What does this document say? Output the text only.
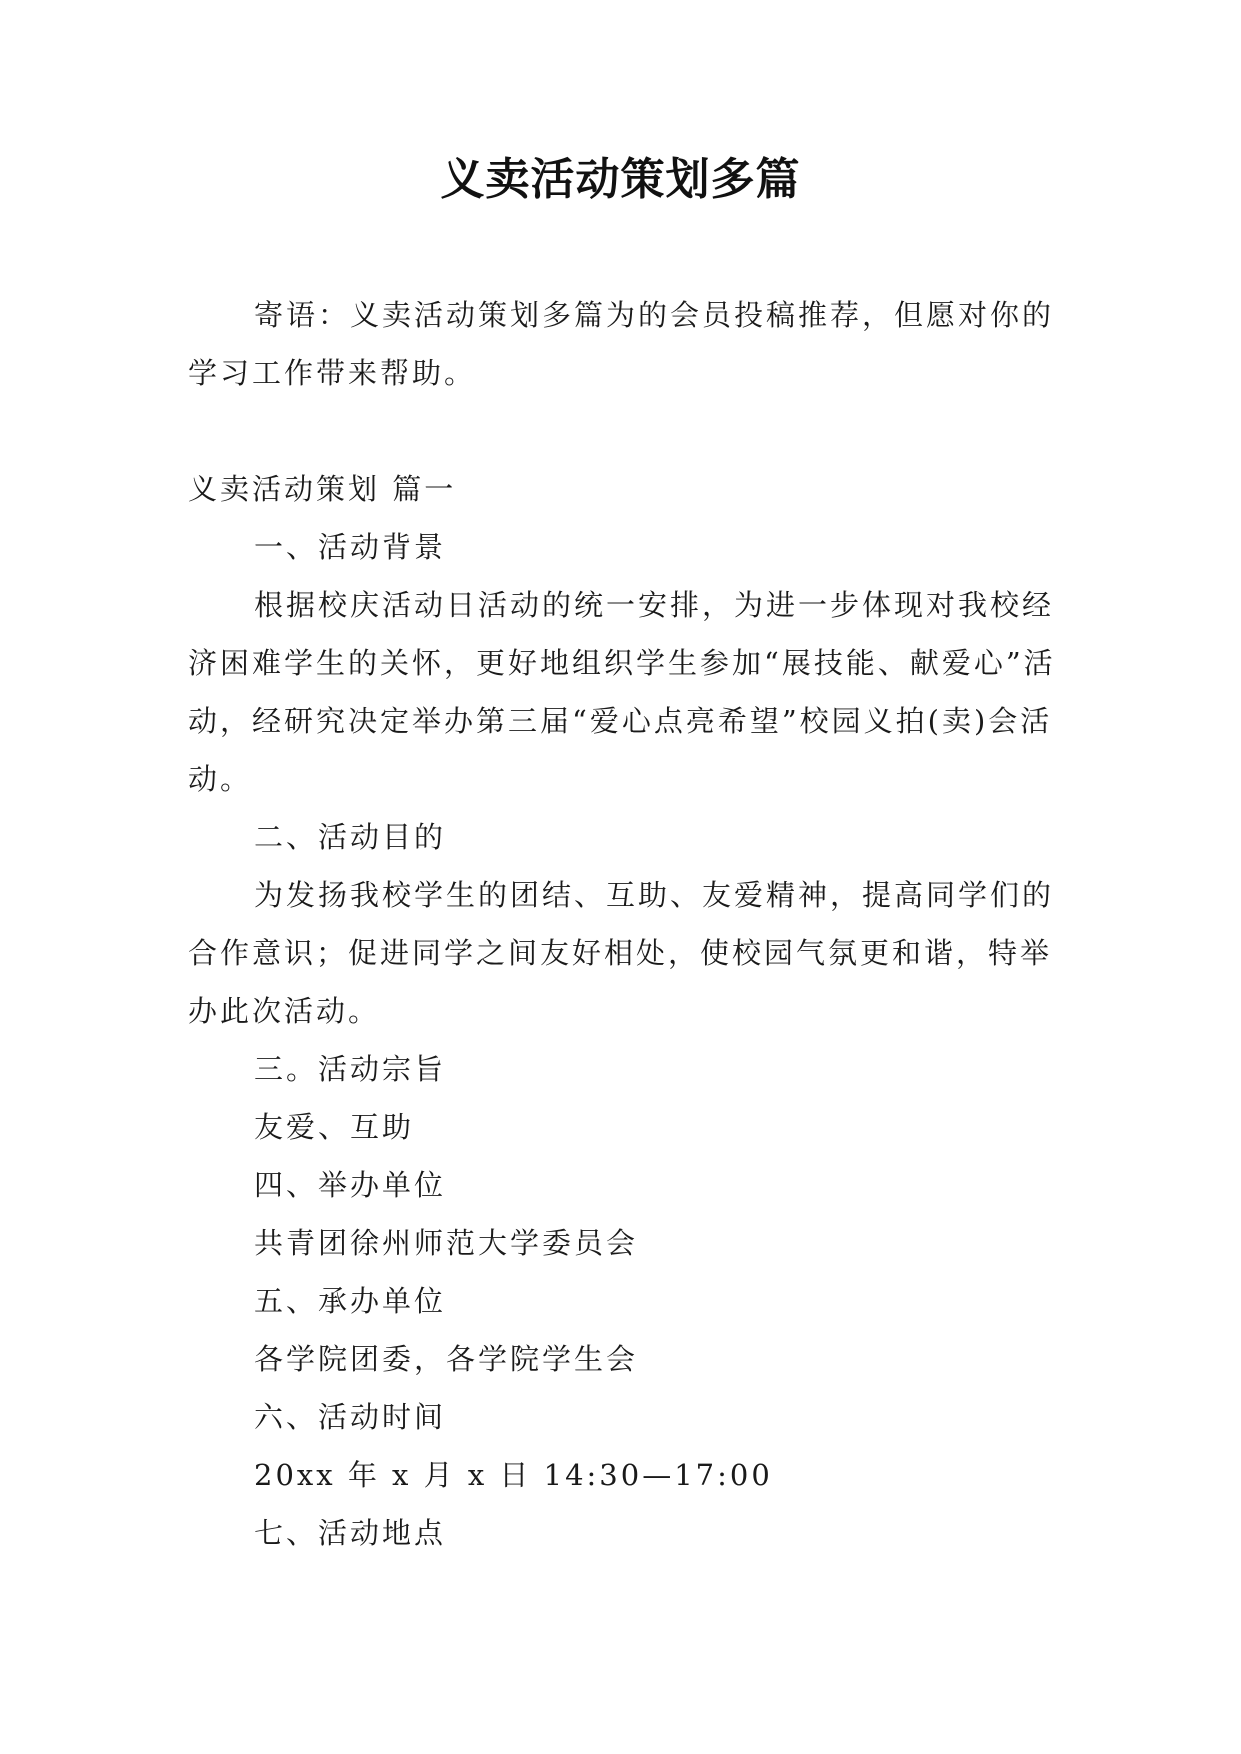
义卖活动策划多篇

寄语：义卖活动策划多篇为的会员投稿推荐，但愿对你的学习工作带来帮助。

义卖活动策划 篇一

一、活动背景

根据校庆活动日活动的统一安排，为进一步体现对我校经济困难学生的关怀，更好地组织学生参加“展技能、献爱心”活动，经研究决定举办第三届“爱心点亮希望”校园义拍(卖)会活动。

二、活动目的

为发扬我校学生的团结、互助、友爱精神，提高同学们的合作意识；促进同学之间友好相处，使校园气氛更和谐，特举办此次活动。

三。活动宗旨

友爱、互助

四、举办单位

共青团徐州师范大学委员会

五、承办单位

各学院团委，各学院学生会

六、活动时间

20xx 年 x 月 x 日 14:30—17:00

七、活动地点
